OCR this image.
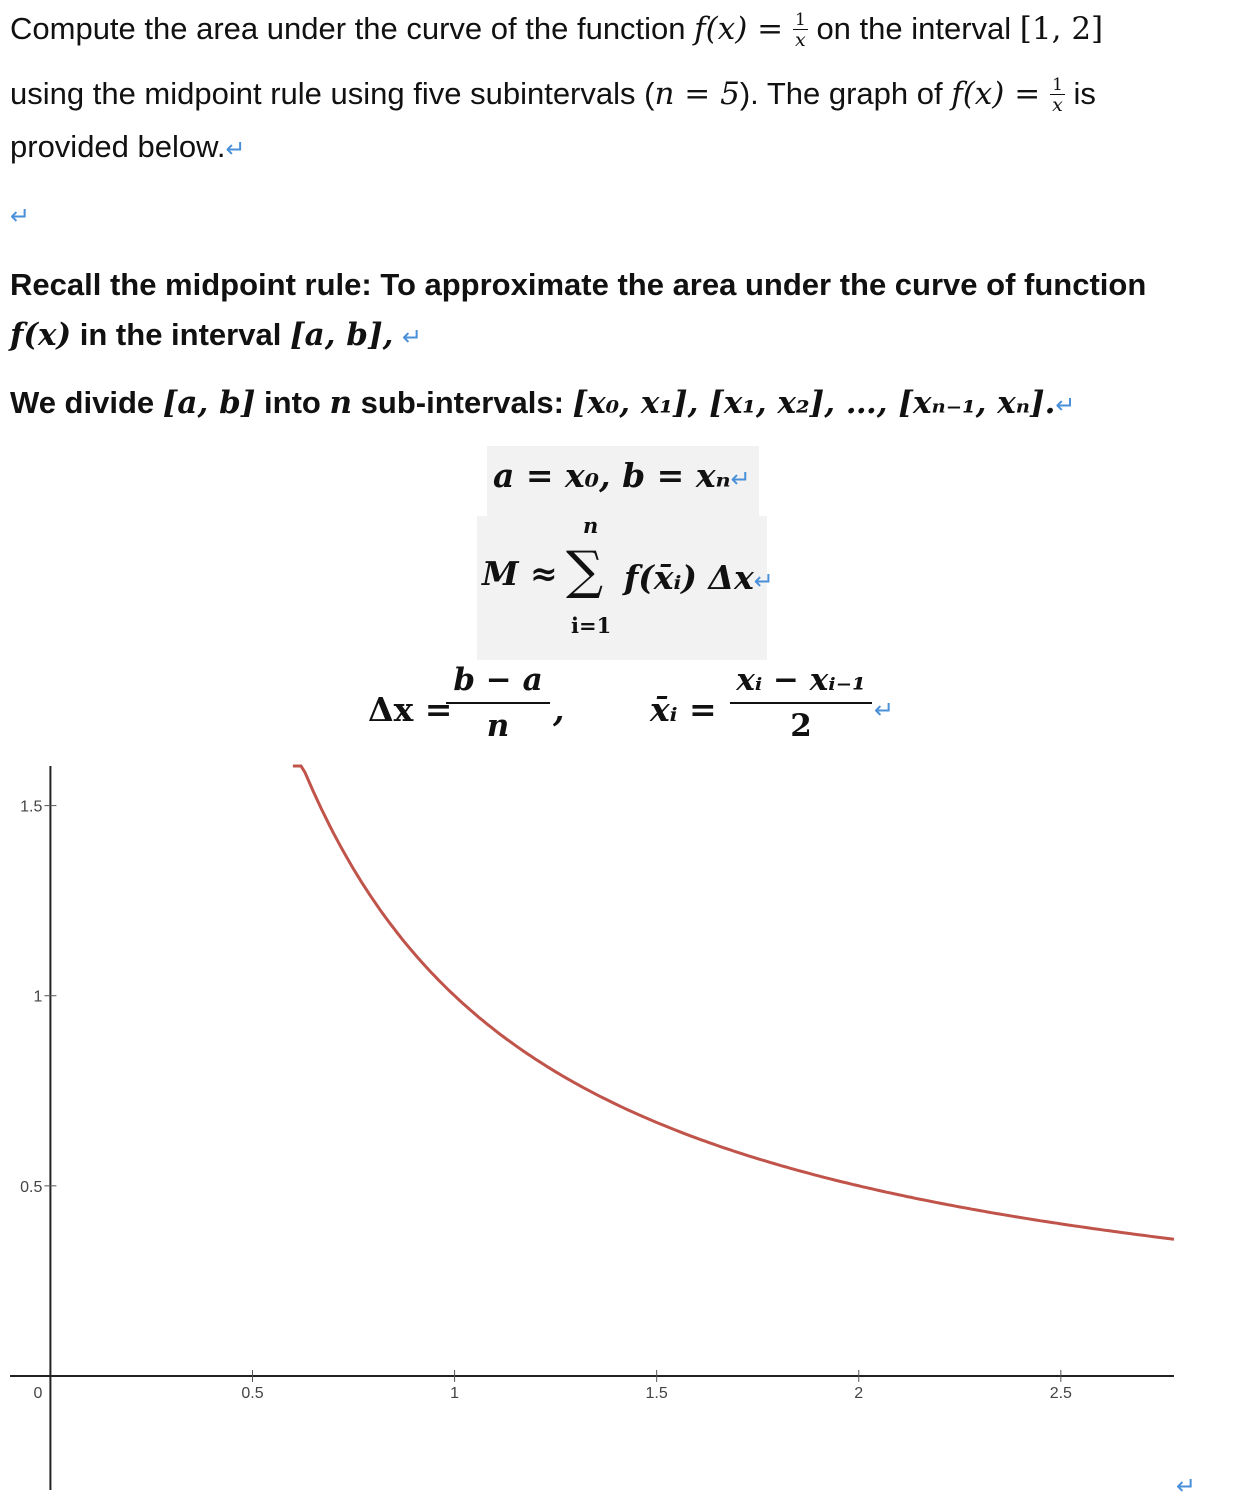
Compute the area under the curve of the function $f(x) = \frac{1}{x}$ on the interval [1, 2]
using the midpoint rule using five subintervals (n = 5). The graph of $f(x) = \frac{1}{x}$ is
provided below.↵
↵
Recall the midpoint rule: To approximate the area under the curve of function
f(x) in the interval [a, b], ↵
We divide [a, b] into n sub-intervals: [x₀, x₁], [x₁, x₂], …, [xₙ₋₁, xₙ].↵
a = x₀, b = xₙ↵
n
M ≈ ∑ f(x̄ᵢ) Δx↵
i=1
Δx =
$\frac{b - a}{n}$ ,	x̄ᵢ = $\frac{\text{xᵢ − xᵢ₋₁}}{2}$ ↵
0.5	1	1.5	2	2.5
0
0.5
1
1.5
↵
